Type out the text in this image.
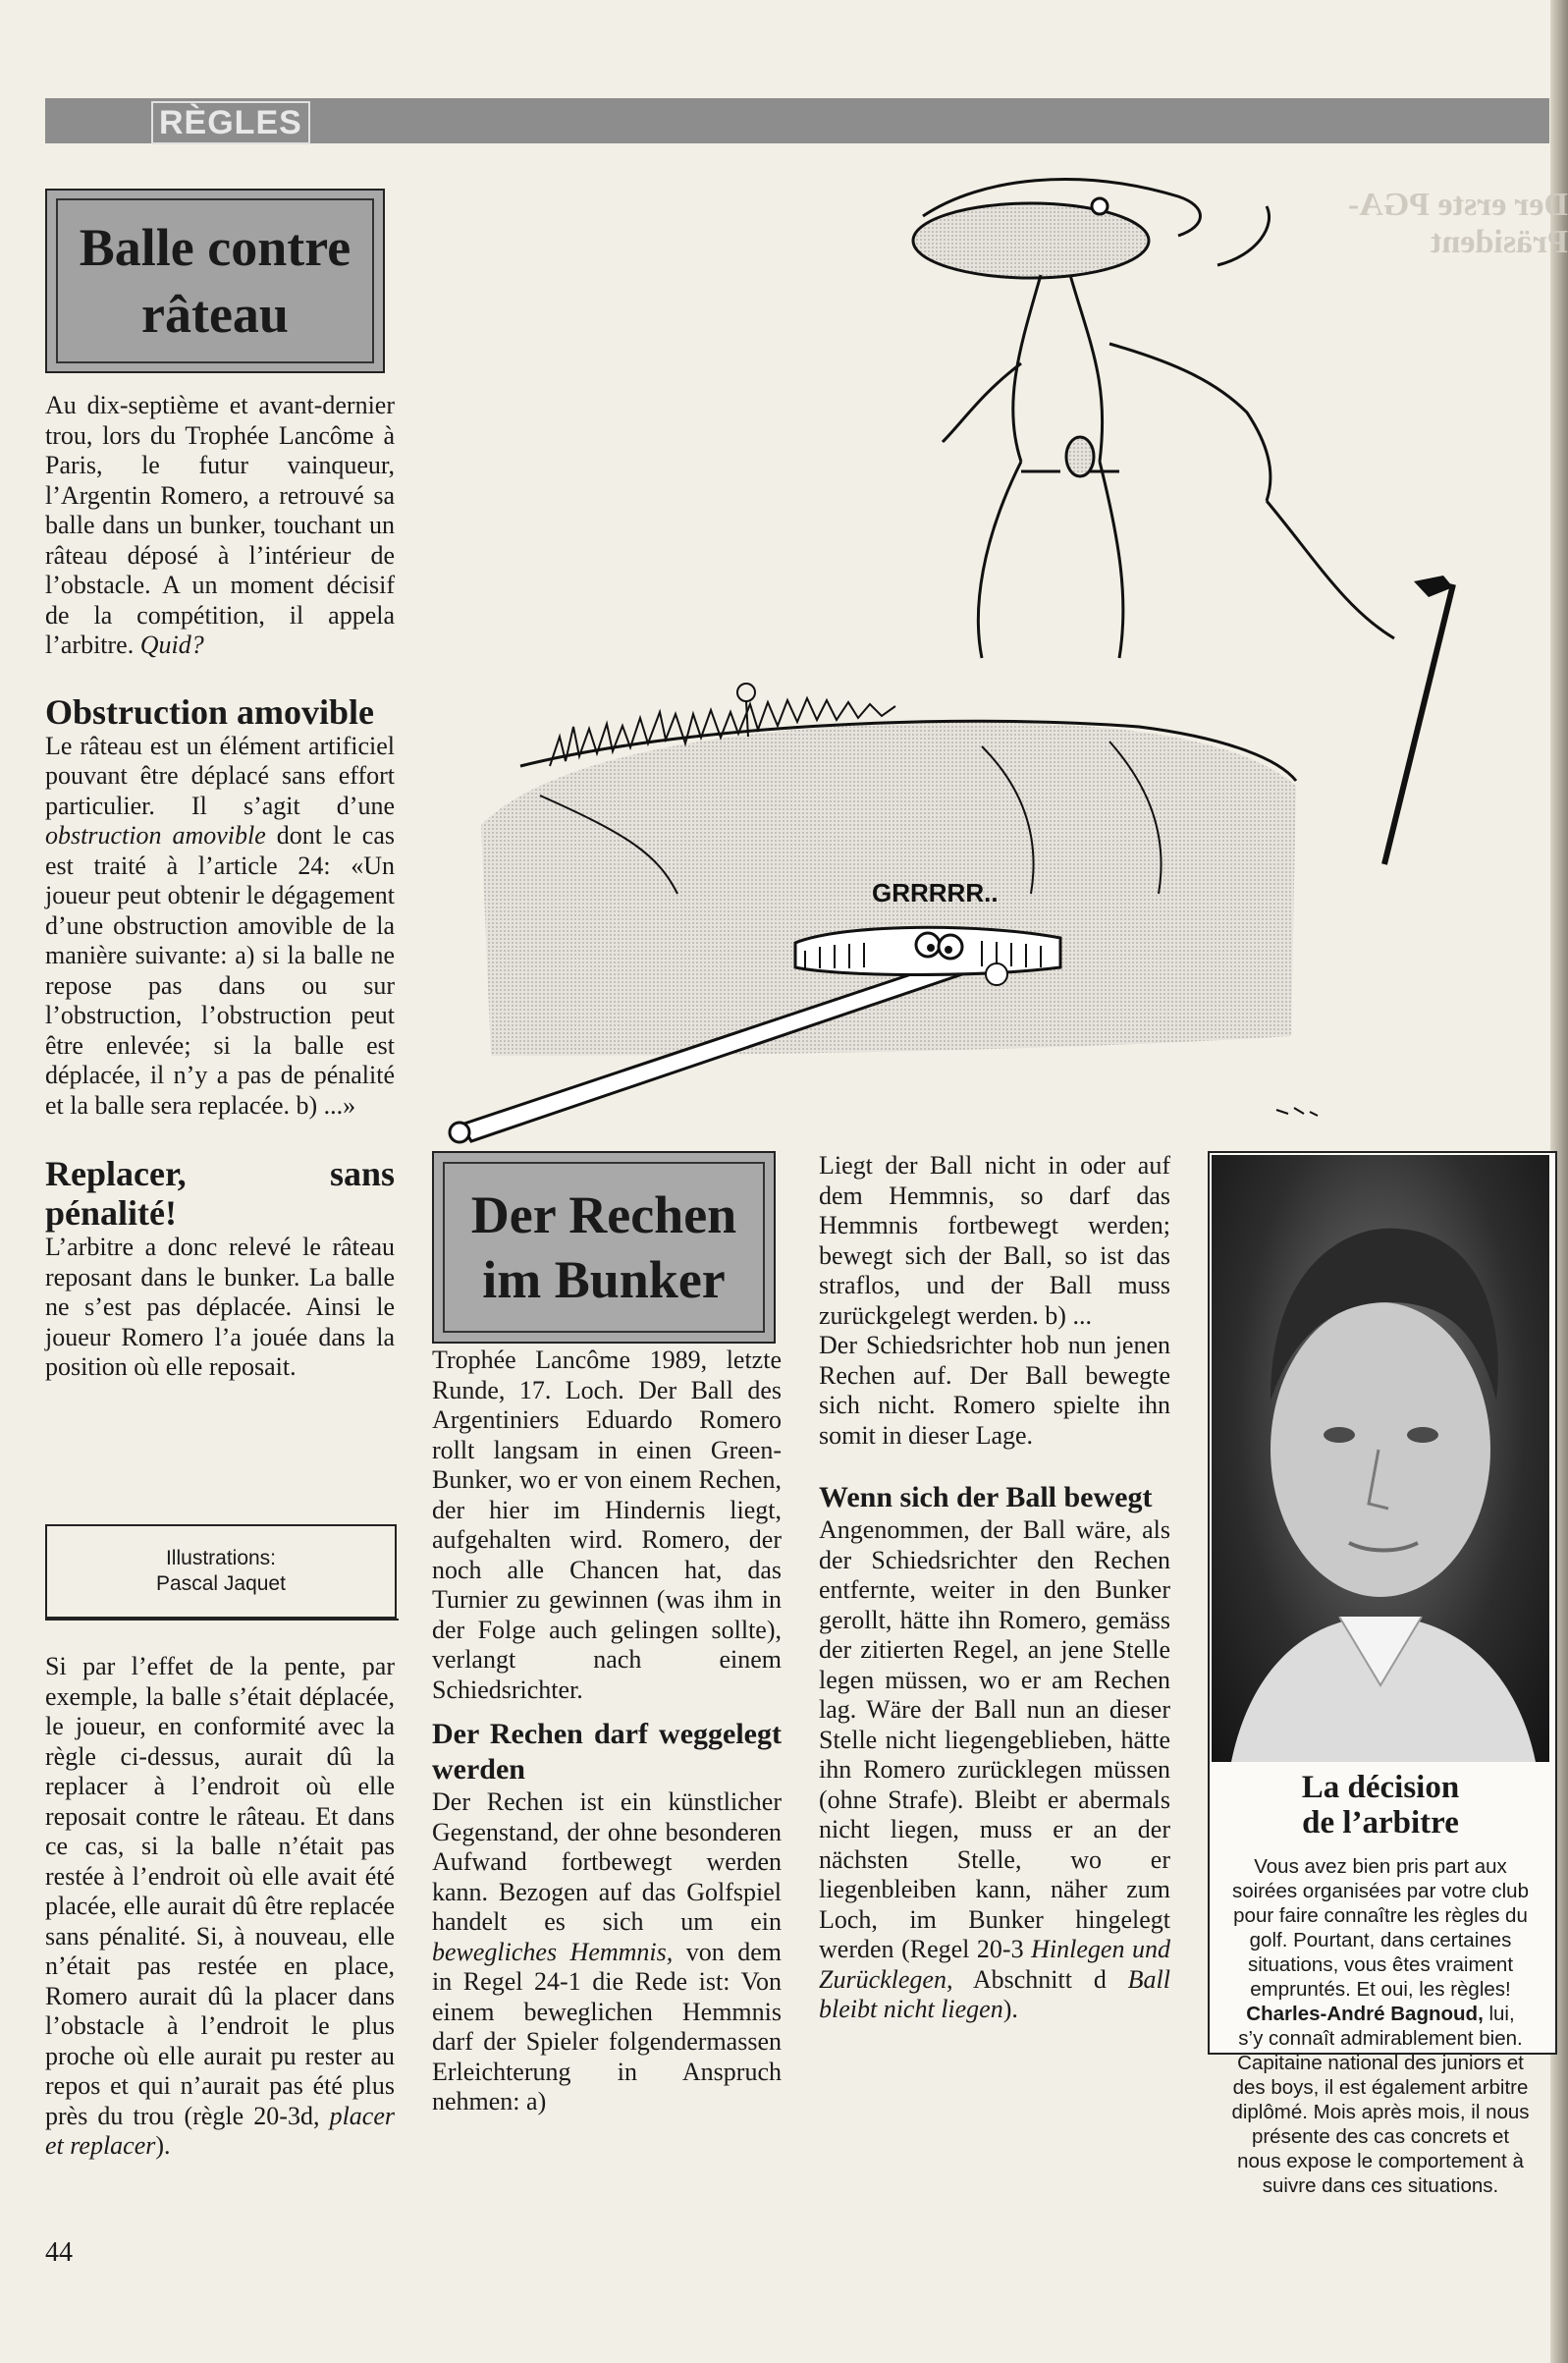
Der erste PGA-Präsident
RÈGLES
Balle contre
râteau

Au dix-septième et avant-dernier trou, lors du Trophée Lancôme à Paris, le futur vainqueur, l’Argentin Romero, a retrouvé sa balle dans un bunker, touchant un râteau déposé à l’intérieur de l’obstacle. A un moment décisif de la compétition, il appela l’arbitre. Quid?

Obstruction amovible

Le râteau est un élément artificiel pouvant être déplacé sans effort particulier. Il s’agit d’une obstruction amovible dont le cas est traité à l’article 24: «Un joueur peut obtenir le dégagement d’une obstruction amovible de la manière suivante: a) si la balle ne repose pas dans ou sur l’obstruction, l’obstruction peut être enlevée; si la balle est déplacée, il n’y a pas de pénalité et la balle sera replacée. b) ...»

Replacer, sans pénalité!

L’arbitre a donc relevé le râteau reposant dans le bunker. La balle ne s’est pas déplacée. Ainsi le joueur Romero l’a jouée dans la position où elle reposait.

Illustrations:
Pascal Jaquet

Si par l’effet de la pente, par exemple, la balle s’était déplacée, le joueur, en conformité avec la règle ci-dessus, aurait dû la replacer à l’endroit où elle reposait contre le râteau. Et dans ce cas, si la balle n’était pas restée à l’endroit où elle avait été placée, elle aurait dû être replacée sans pénalité. Si, à nouveau, elle n’était pas restée en place, Romero aurait dû la placer dans l’obstacle à l’endroit le plus proche où elle aurait pu rester au repos et qui n’aurait pas été plus près du trou (règle 20-3d, placer et replacer).

44
GRRRRR..
Der Rechen
im Bunker

Trophée Lancôme 1989, letzte Runde, 17. Loch. Der Ball des Argentiniers Eduardo Romero rollt langsam in einen Green-Bunker, wo er von einem Rechen, der hier im Hindernis liegt, aufgehalten wird. Romero, der noch alle Chancen hat, das Turnier zu gewinnen (was ihm in der Folge auch gelingen sollte), verlangt nach einem Schiedsrichter.

Der Rechen darf weggelegt werden

Der Rechen ist ein künstlicher Gegenstand, der ohne besonderen Aufwand fortbewegt werden kann. Bezogen auf das Golfspiel handelt es sich um ein bewegliches Hemmnis, von dem in Regel 24-1 die Rede ist: Von einem beweglichen Hemmnis darf der Spieler folgendermassen Erleichterung in Anspruch nehmen: a)

Liegt der Ball nicht in oder auf dem Hemmnis, so darf das Hemmnis fortbewegt werden; bewegt sich der Ball, so ist das straflos, und der Ball muss zurückgelegt werden. b) ...

Der Schiedsrichter hob nun jenen Rechen auf. Der Ball bewegte sich nicht. Romero spielte ihn somit in dieser Lage.

Wenn sich der Ball bewegt

Angenommen, der Ball wäre, als der Schiedsrichter den Rechen entfernte, weiter in den Bunker gerollt, hätte ihn Romero, gemäss der zitierten Regel, an jene Stelle legen müssen, wo er am Rechen lag. Wäre der Ball nun an dieser Stelle nicht liegengeblieben, hätte ihn Romero zurücklegen müssen (ohne Strafe). Bleibt er abermals nicht liegen, muss er an der nächsten Stelle, wo er liegenbleiben kann, näher zum Loch, im Bunker hingelegt werden (Regel 20-3 Hinlegen und Zurücklegen, Abschnitt d Ball bleibt nicht liegen).

La décision
de l’arbitre
Vous avez bien pris part aux soirées organisées par votre club pour faire connaître les règles du golf. Pourtant, dans certaines situations, vous êtes vraiment empruntés. Et oui, les règles! Charles-André Bagnoud, lui, s’y connaît admirablement bien. Capitaine national des juniors et des boys, il est également arbitre diplômé. Mois après mois, il nous présente des cas concrets et nous expose le comportement à suivre dans ces situations.
